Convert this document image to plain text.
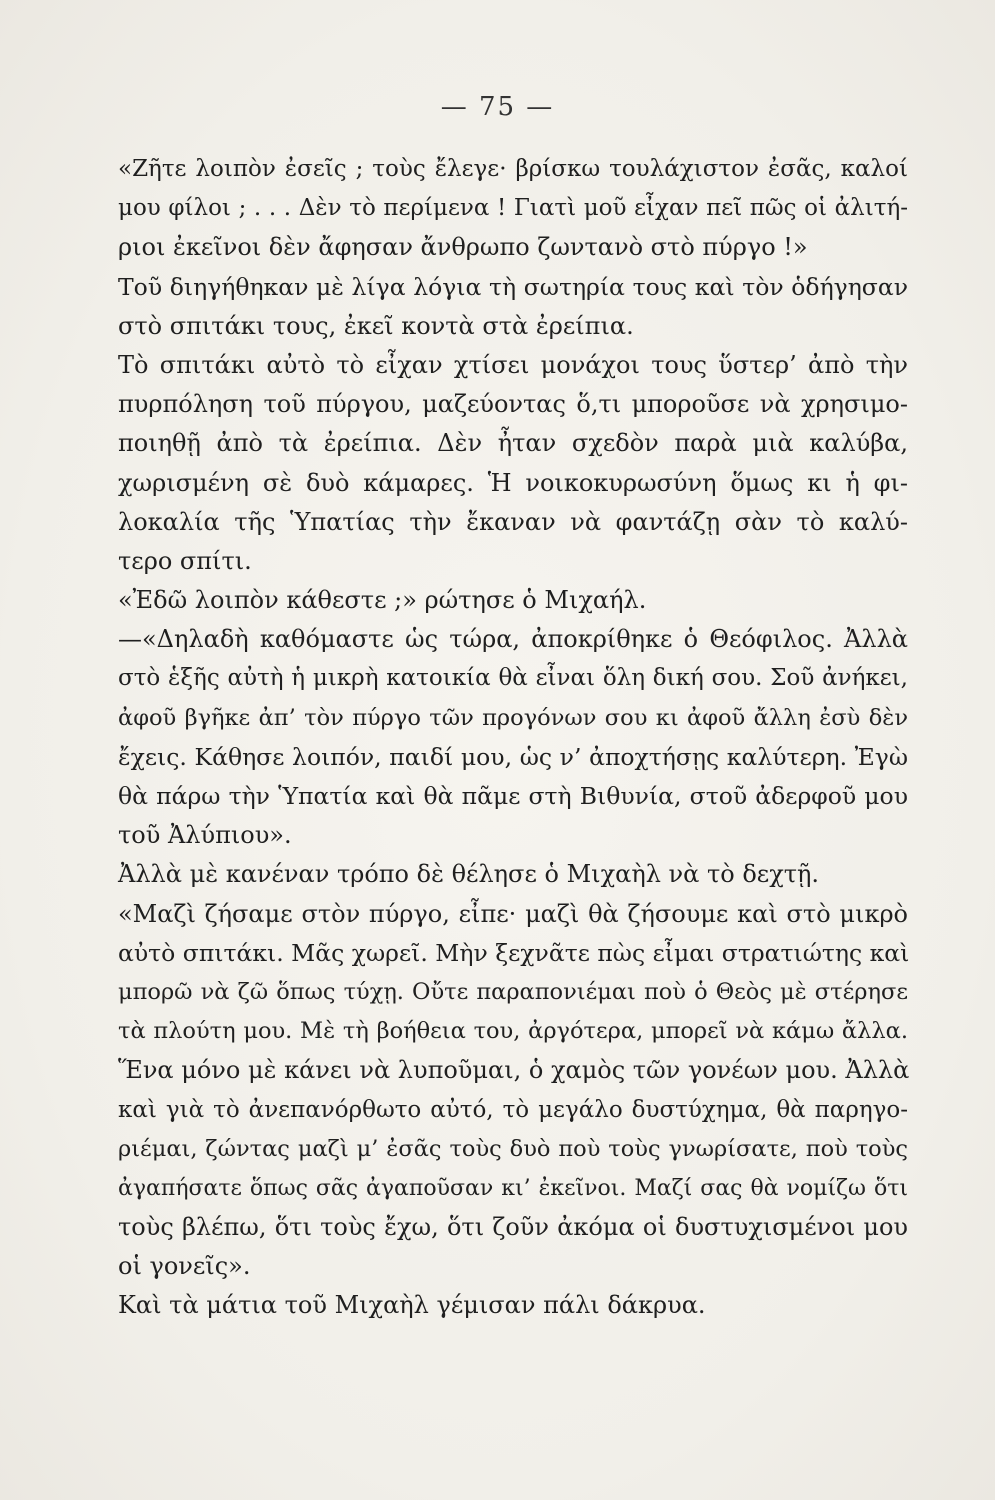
— 75 —
«Ζῆτε λοιπὸν ἐσεῖς ; τοὺς ἔλεγε· βρίσκω τουλάχιστον ἐσᾶς, καλοί
μου φίλοι ; . . . Δὲν τὸ περίμενα ! Γιατὶ μοῦ εἶχαν πεῖ πῶς οἱ ἀλιτή-
ριοι ἐκεῖνοι δὲν ἄφησαν ἄνθρωπο ζωντανὸ στὸ πύργο !»
Τοῦ διηγήθηκαν μὲ λίγα λόγια τὴ σωτηρία τους καὶ τὸν ὁδήγησαν
στὸ σπιτάκι τους, ἐκεῖ κοντὰ στὰ ἐρείπια.
Τὸ σπιτάκι αὐτὸ τὸ εἶχαν χτίσει μονάχοι τους ὕστερ’ ἀπὸ τὴν
πυρπόληση τοῦ πύργου, μαζεύοντας ὅ,τι μποροῦσε νὰ χρησιμο-
ποιηθῇ ἀπὸ τὰ ἐρείπια. Δὲν ἦταν σχεδὸν παρὰ μιὰ καλύβα,
χωρισμένη σὲ δυὸ κάμαρες. Ἡ νοικοκυρωσύνη ὅμως κι ἡ φι-
λοκαλία τῆς Ὑπατίας τὴν ἔκαναν νὰ φαντάζῃ σὰν τὸ καλύ-
τερο σπίτι.
«Ἐδῶ λοιπὸν κάθεστε ;» ρώτησε ὁ Μιχαήλ.
—«Δηλαδὴ καθόμαστε ὡς τώρα, ἀποκρίθηκε ὁ Θεόφιλος. Ἀλλὰ
στὸ ἑξῆς αὐτὴ ἡ μικρὴ κατοικία θὰ εἶναι ὅλη δική σου. Σοῦ ἀνήκει,
ἀφοῦ βγῆκε ἀπ’ τὸν πύργο τῶν προγόνων σου κι ἀφοῦ ἄλλη ἐσὺ δὲν
ἔχεις. Κάθησε λοιπόν, παιδί μου, ὡς ν’ ἀποχτήσῃς καλύτερη. Ἐγὼ
θὰ πάρω τὴν Ὑπατία καὶ θὰ πᾶμε στὴ Βιθυνία, στοῦ ἀδερφοῦ μου
τοῦ Ἀλύπιου».
Ἀλλὰ μὲ κανέναν τρόπο δὲ θέλησε ὁ Μιχαὴλ νὰ τὸ δεχτῇ.
«Μαζὶ ζήσαμε στὸν πύργο, εἶπε· μαζὶ θὰ ζήσουμε καὶ στὸ μικρὸ
αὐτὸ σπιτάκι. Μᾶς χωρεῖ. Μὴν ξεχνᾶτε πὼς εἶμαι στρατιώτης καὶ
μπορῶ νὰ ζῶ ὅπως τύχῃ. Οὔτε παραπονιέμαι ποὺ ὁ Θεὸς μὲ στέρησε
τὰ πλούτη μου. Μὲ τὴ βοήθεια του, ἀργότερα, μπορεῖ νὰ κάμω ἄλλα.
Ἕνα μόνο μὲ κάνει νὰ λυποῦμαι, ὁ χαμὸς τῶν γονέων μου. Ἀλλὰ
καὶ γιὰ τὸ ἀνεπανόρθωτο αὐτό, τὸ μεγάλο δυστύχημα, θὰ παρηγο-
ριέμαι, ζώντας μαζὶ μ’ ἐσᾶς τοὺς δυὸ ποὺ τοὺς γνωρίσατε, ποὺ τοὺς
ἀγαπήσατε ὅπως σᾶς ἀγαποῦσαν κι’ ἐκεῖνοι. Μαζί σας θὰ νομίζω ὅτι
τοὺς βλέπω, ὅτι τοὺς ἔχω, ὅτι ζοῦν ἀκόμα οἱ δυστυχισμένοι μου
οἱ γονεῖς».
Καὶ τὰ μάτια τοῦ Μιχαὴλ γέμισαν πάλι δάκρυα.
